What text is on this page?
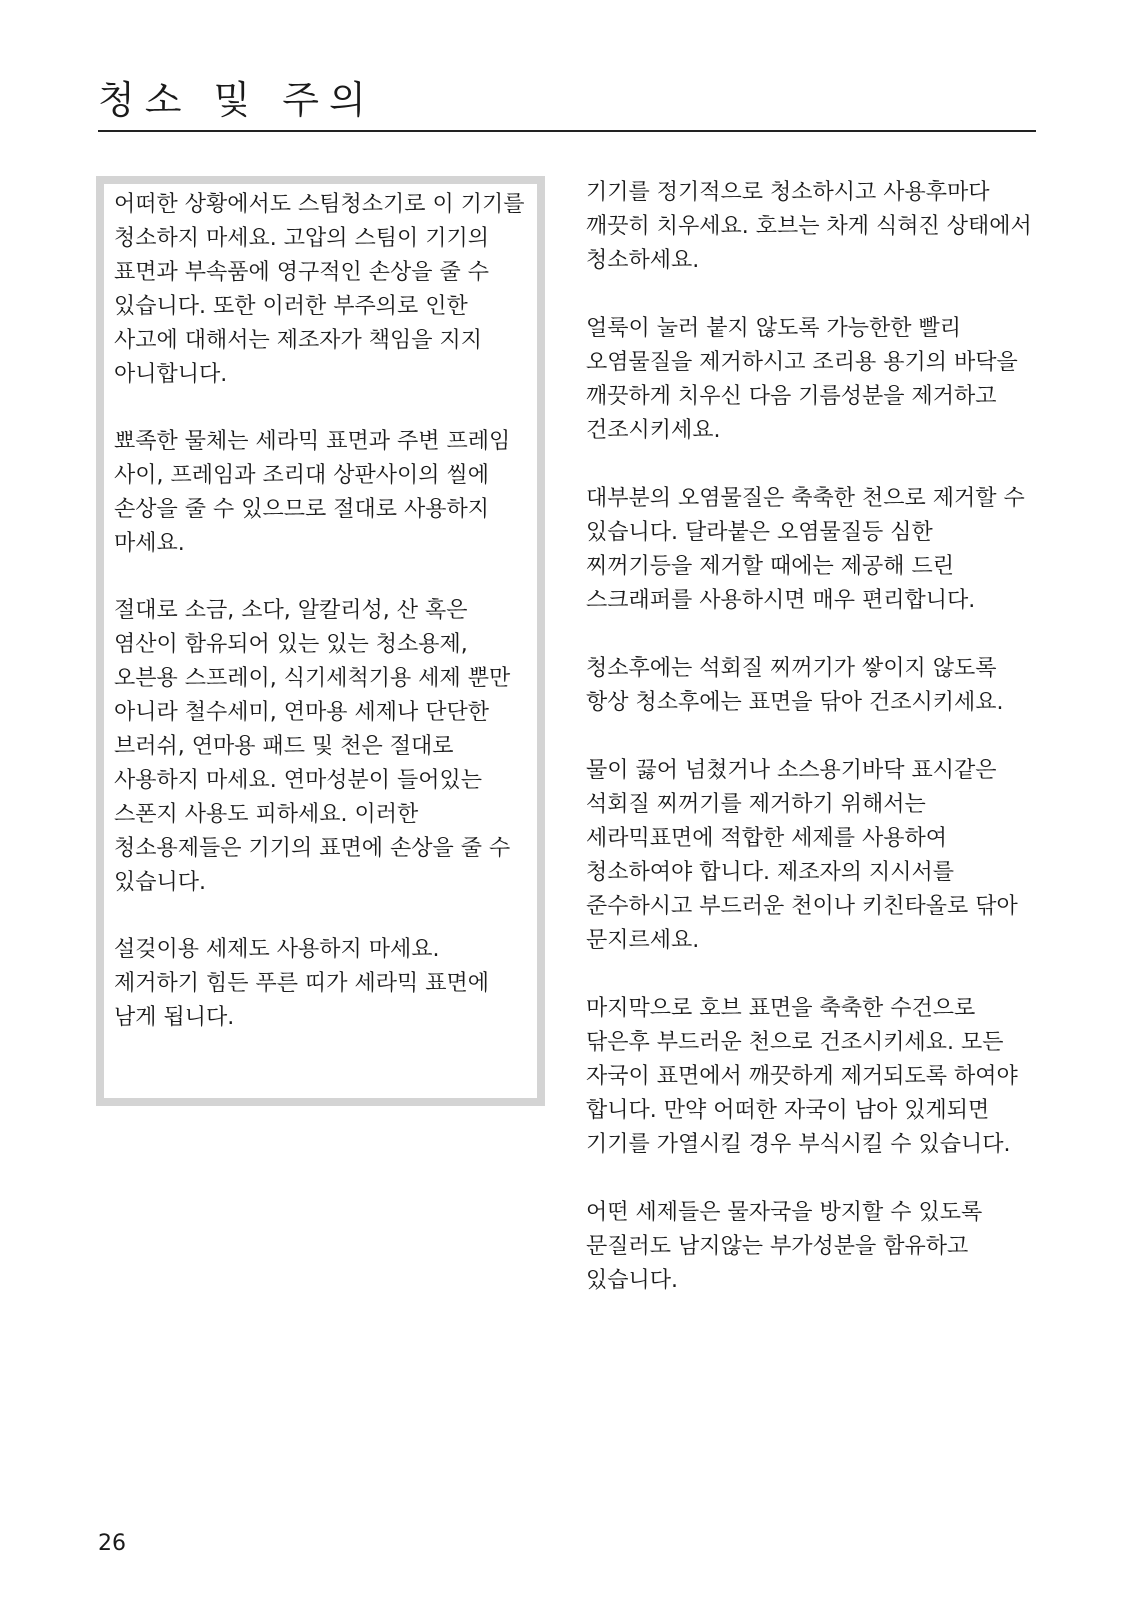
청소 및 주의

어떠한 상황에서도 스팀청소기로 이 기기를 청소하지 마세요. 고압의 스팀이 기기의 표면과 부속품에 영구적인 손상을 줄 수 있습니다. 또한 이러한 부주의로 인한 사고에 대해서는 제조자가 책임을 지지 아니합니다.

뾰족한 물체는 세라믹 표면과 주변 프레임 사이, 프레임과 조리대 상판사이의 씰에 손상을 줄 수 있으므로 절대로 사용하지 마세요.

절대로 소금, 소다, 알칼리성, 산 혹은 염산이 함유되어 있는 있는 청소용제, 오븐용 스프레이, 식기세척기용 세제 뿐만 아니라 철수세미, 연마용 세제나 단단한 브러쉬, 연마용 패드 및 천은 절대로 사용하지 마세요. 연마성분이 들어있는 스폰지 사용도 피하세요. 이러한 청소용제들은 기기의 표면에 손상을 줄 수 있습니다.

설겆이용 세제도 사용하지 마세요. 제거하기 힘든 푸른 띠가 세라믹 표면에 남게 됩니다.

기기를 정기적으로 청소하시고 사용후마다 깨끗히 치우세요. 호브는 차게 식혀진 상태에서 청소하세요.

얼룩이 눌러 붙지 않도록 가능한한 빨리 오염물질을 제거하시고 조리용 용기의 바닥을 깨끗하게 치우신 다음 기름성분을 제거하고 건조시키세요.

대부분의 오염물질은 축축한 천으로 제거할 수 있습니다. 달라붙은 오염물질등 심한 찌꺼기등을 제거할 때에는 제공해 드린 스크래퍼를 사용하시면 매우 편리합니다.

청소후에는 석회질 찌꺼기가 쌓이지 않도록 항상 청소후에는 표면을 닦아 건조시키세요.

물이 끓어 넘쳤거나 소스용기바닥 표시같은 석회질 찌꺼기를 제거하기 위해서는 세라믹표면에 적합한 세제를 사용하여 청소하여야 합니다. 제조자의 지시서를 준수하시고 부드러운 천이나 키친타올로 닦아 문지르세요.

마지막으로 호브 표면을 축축한 수건으로 닦은후 부드러운 천으로 건조시키세요. 모든 자국이 표면에서 깨끗하게 제거되도록 하여야 합니다. 만약 어떠한 자국이 남아 있게되면 기기를 가열시킬 경우 부식시킬 수 있습니다.

어떤 세제들은 물자국을 방지할 수 있도록 문질러도 남지않는 부가성분을 함유하고 있습니다.

26
